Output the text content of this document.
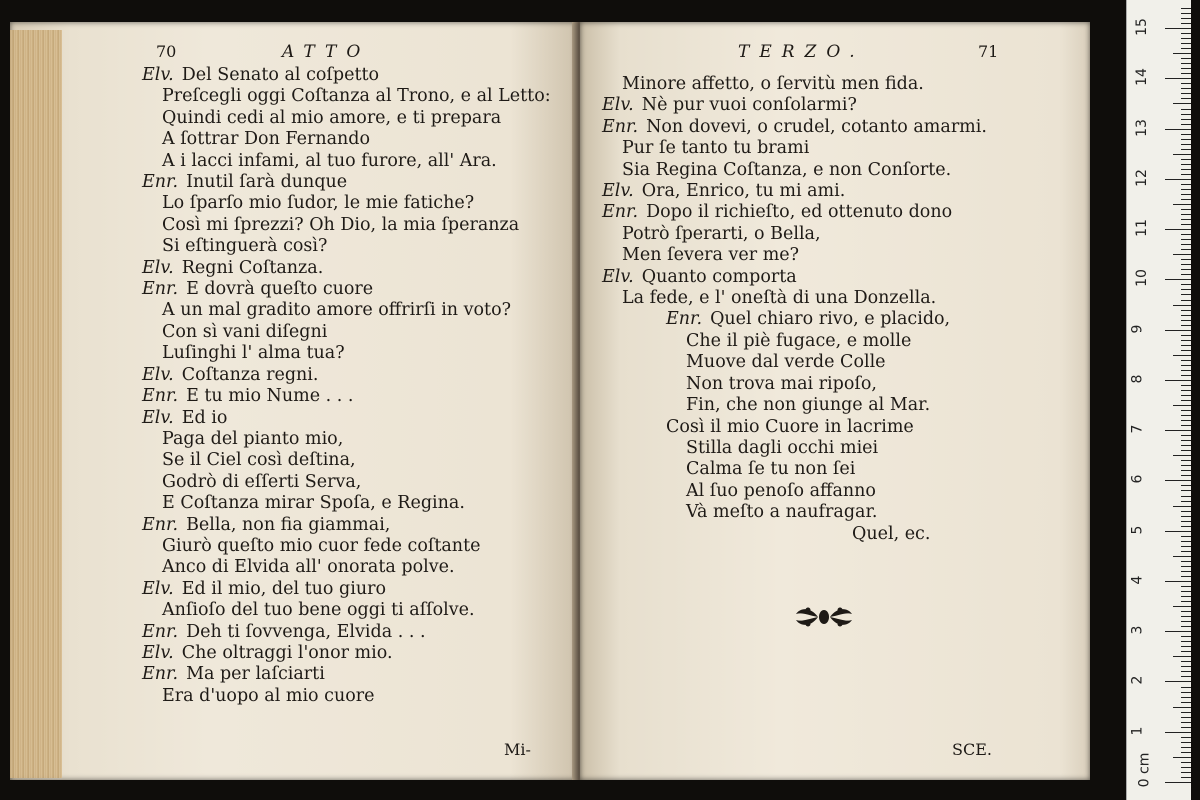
70	ATTO
Elv. Del Senato al coſpetto
Preſcegli oggi Coſtanza al Trono, e al Letto:
Quindi cedi al mio amore, e ti prepara
A ſottrar Don Fernando
A i lacci infami, al tuo furore, all' Ara.
Enr. Inutil ſarà dunque
Lo ſparſo mio ſudor, le mie fatiche?
Così mi ſprezzi? Oh Dio, la mia ſperanza
Si eſtinguerà così?
Elv. Regni Coſtanza.
Enr. E dovrà queſto cuore
A un mal gradito amore offrirſi in voto?
Con sì vani diſegni
Luſinghi l' alma tua?
Elv. Coſtanza regni.
Enr. E tu mio Nume . . .
Elv. Ed io
Paga del pianto mio,
Se il Ciel così deſtina,
Godrò di eſſerti Serva,
E Coſtanza mirar Spoſa, e Regina.
Enr. Bella, non fia giammai,
Giurò queſto mio cuor fede coſtante
Anco di Elvida all' onorata polve.
Elv. Ed il mio, del tuo giuro
Anſioſo del tuo bene oggi ti aſſolve.
Enr. Deh ti ſovvenga, Elvida . . .
Elv. Che oltraggi l'onor mio.
Enr. Ma per laſciarti
Era d'uopo al mio cuore
Mi-
TERZO.	71
Minore affetto, o ſervitù men fida.
Elv. Nè pur vuoi conſolarmi?
Enr. Non dovevi, o crudel, cotanto amarmi.
Pur ſe tanto tu brami
Sia Regina Coſtanza, e non Conſorte.
Elv. Ora, Enrico, tu mi ami.
Enr. Dopo il richieſto, ed ottenuto dono
Potrò ſperarti, o Bella,
Men ſevera ver me?
Elv. Quanto comporta
La fede, e l' oneſtà di una Donzella.
Enr. Quel chiaro rivo, e placido,
Che il piè fugace, e molle
Muove dal verde Colle
Non trova mai ripoſo,
Fin, che non giunge al Mar.
Così il mio Cuore in lacrime
Stilla dagli occhi miei
Calma ſe tu non ſei
Al ſuo penoſo affanno
Và meſto a naufragar.
Quel, ec.
SCE.
15
14
13
12
11
10
9
8
7
6
5
4
3
2
1
0 cm
